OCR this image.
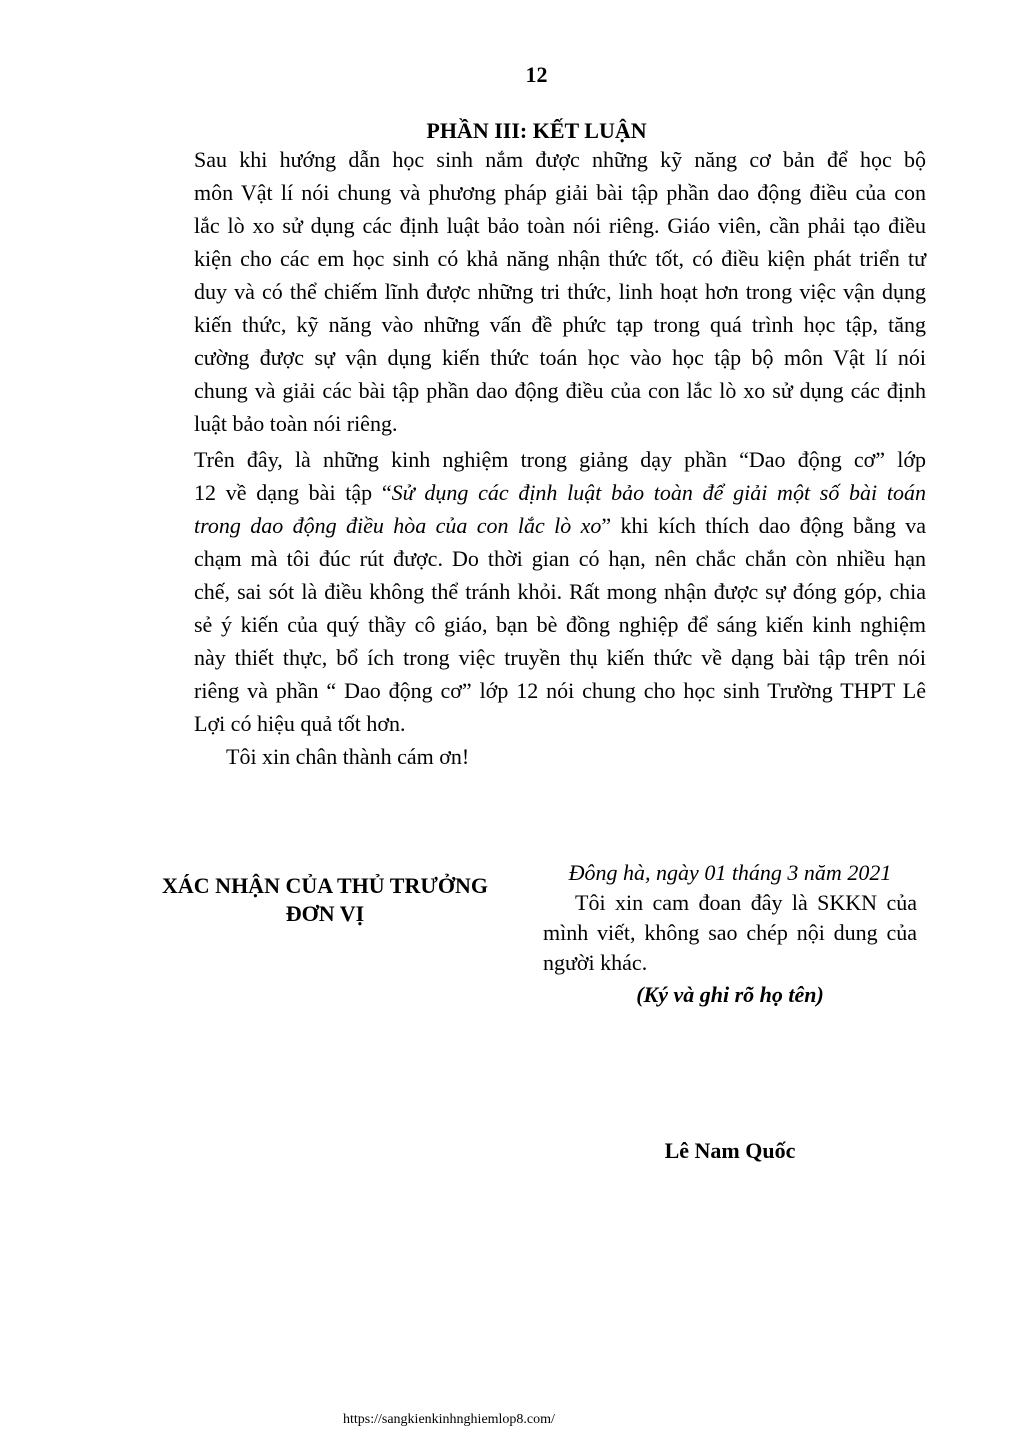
12
PHẦN III: KẾT LUẬN
Sau khi hướng dẫn học sinh nắm được những kỹ năng cơ bản để học bộ
môn Vật lí nói chung và phương pháp giải bài tập phần dao động điều của con
lắc lò xo sử dụng các định luật bảo toàn nói riêng. Giáo viên, cần phải tạo điều
kiện cho các em học sinh có khả năng nhận thức tốt, có điều kiện phát triển tư
duy và có thể chiếm lĩnh được những tri thức, linh hoạt hơn trong việc vận dụng
kiến thức, kỹ năng vào những vấn đề phức tạp trong quá trình học tập, tăng
cường được sự vận dụng kiến thức toán học vào học tập bộ môn Vật lí nói
chung và giải các bài tập phần dao động điều của con lắc lò xo sử dụng các định
luật bảo toàn nói riêng.
Trên đây, là những kinh nghiệm trong giảng dạy phần “Dao động cơ” lớp
12 về dạng bài tập “Sử dụng các định luật bảo toàn để giải một số bài toán
trong dao động điều hòa của con lắc lò xo” khi kích thích dao động bằng va
chạm mà tôi đúc rút được. Do thời gian có hạn, nên chắc chắn còn nhiều hạn
chế, sai sót là điều không thể tránh khỏi. Rất mong nhận được sự đóng góp, chia
sẻ ý kiến của quý thầy cô giáo, bạn bè đồng nghiệp để sáng kiến kinh nghiệm
này thiết thực, bổ ích trong việc truyền thụ kiến thức về dạng bài tập trên nói
riêng và phần “ Dao động cơ” lớp 12 nói chung cho học sinh Trường THPT Lê
Lợi có hiệu quả tốt hơn.
Tôi xin chân thành cám ơn!
XÁC NHẬN CỦA THỦ TRƯỞNG
ĐƠN VỊ
Đông hà, ngày 01 tháng 3 năm 2021
Tôi xin cam đoan đây là SKKN của mình viết, không sao chép nội dung của người khác.
(Ký và ghi rõ họ tên)
Lê Nam Quốc
https://sangkienkinhnghiemlop8.com/
